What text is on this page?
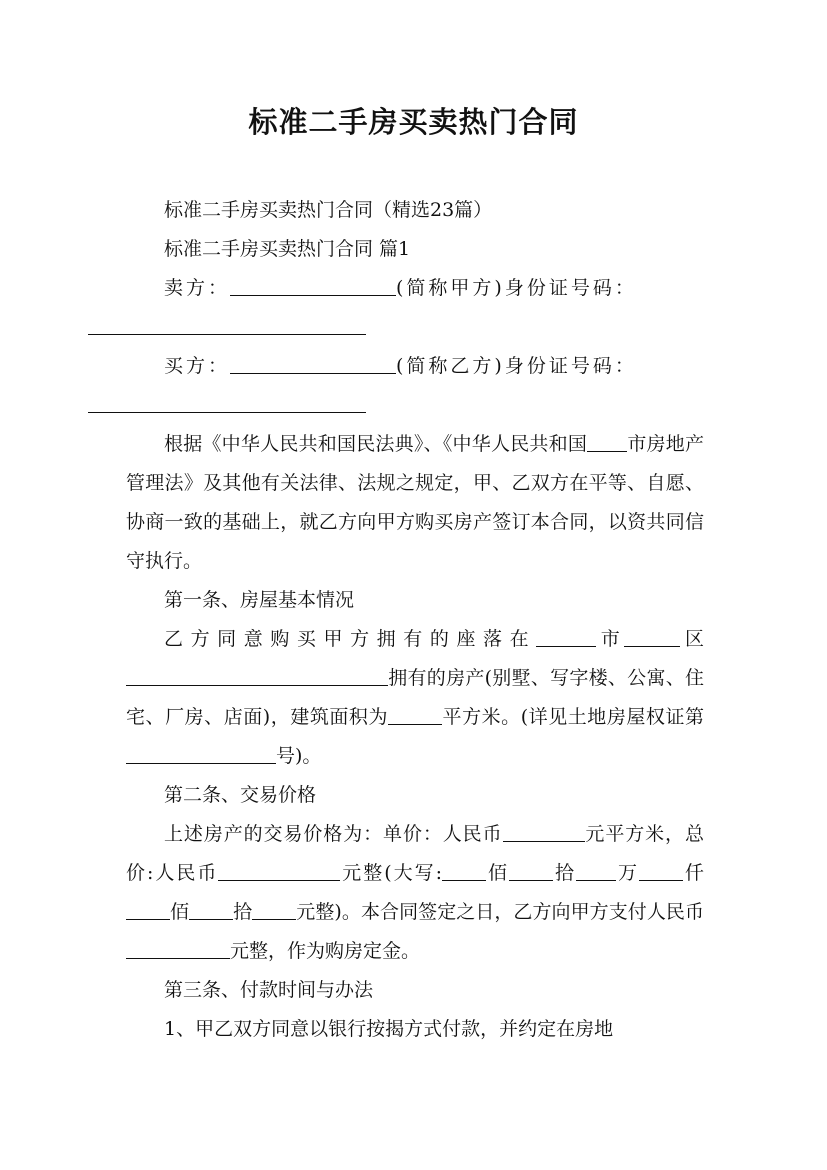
标准二手房买卖热门合同

标准二手房买卖热门合同（精选23篇）

标准二手房买卖热门合同 篇1

卖方：	(简称甲方)身份证号码：

买方：	(简称乙方)身份证号码：

根据《中华人民共和国民法典》、《中华人民共和国 市房地产管理法》及其他有关法律、法规之规定，甲、乙双方在平等、自愿、协商一致的基础上，就乙方向甲方购买房产签订本合同，以资共同信守执行。

第一条、房屋基本情况

乙方同意购买甲方拥有的座落在	市	区拥有的房产(别墅、写字楼、公寓、住宅、厂房、店面)，建筑面积为	平方米。(详见土地房屋权证第号)。

第二条、交易价格

上述房产的交易价格为：单价：人民币	元平方米，总价:人民币	元整(大写: 佰 拾 万 仟佰 拾 元整)。本合同签定之日，乙方向甲方支付人民币元整，作为购房定金。

第三条、付款时间与办法

1、甲乙双方同意以银行按揭方式付款，并约定在房地
